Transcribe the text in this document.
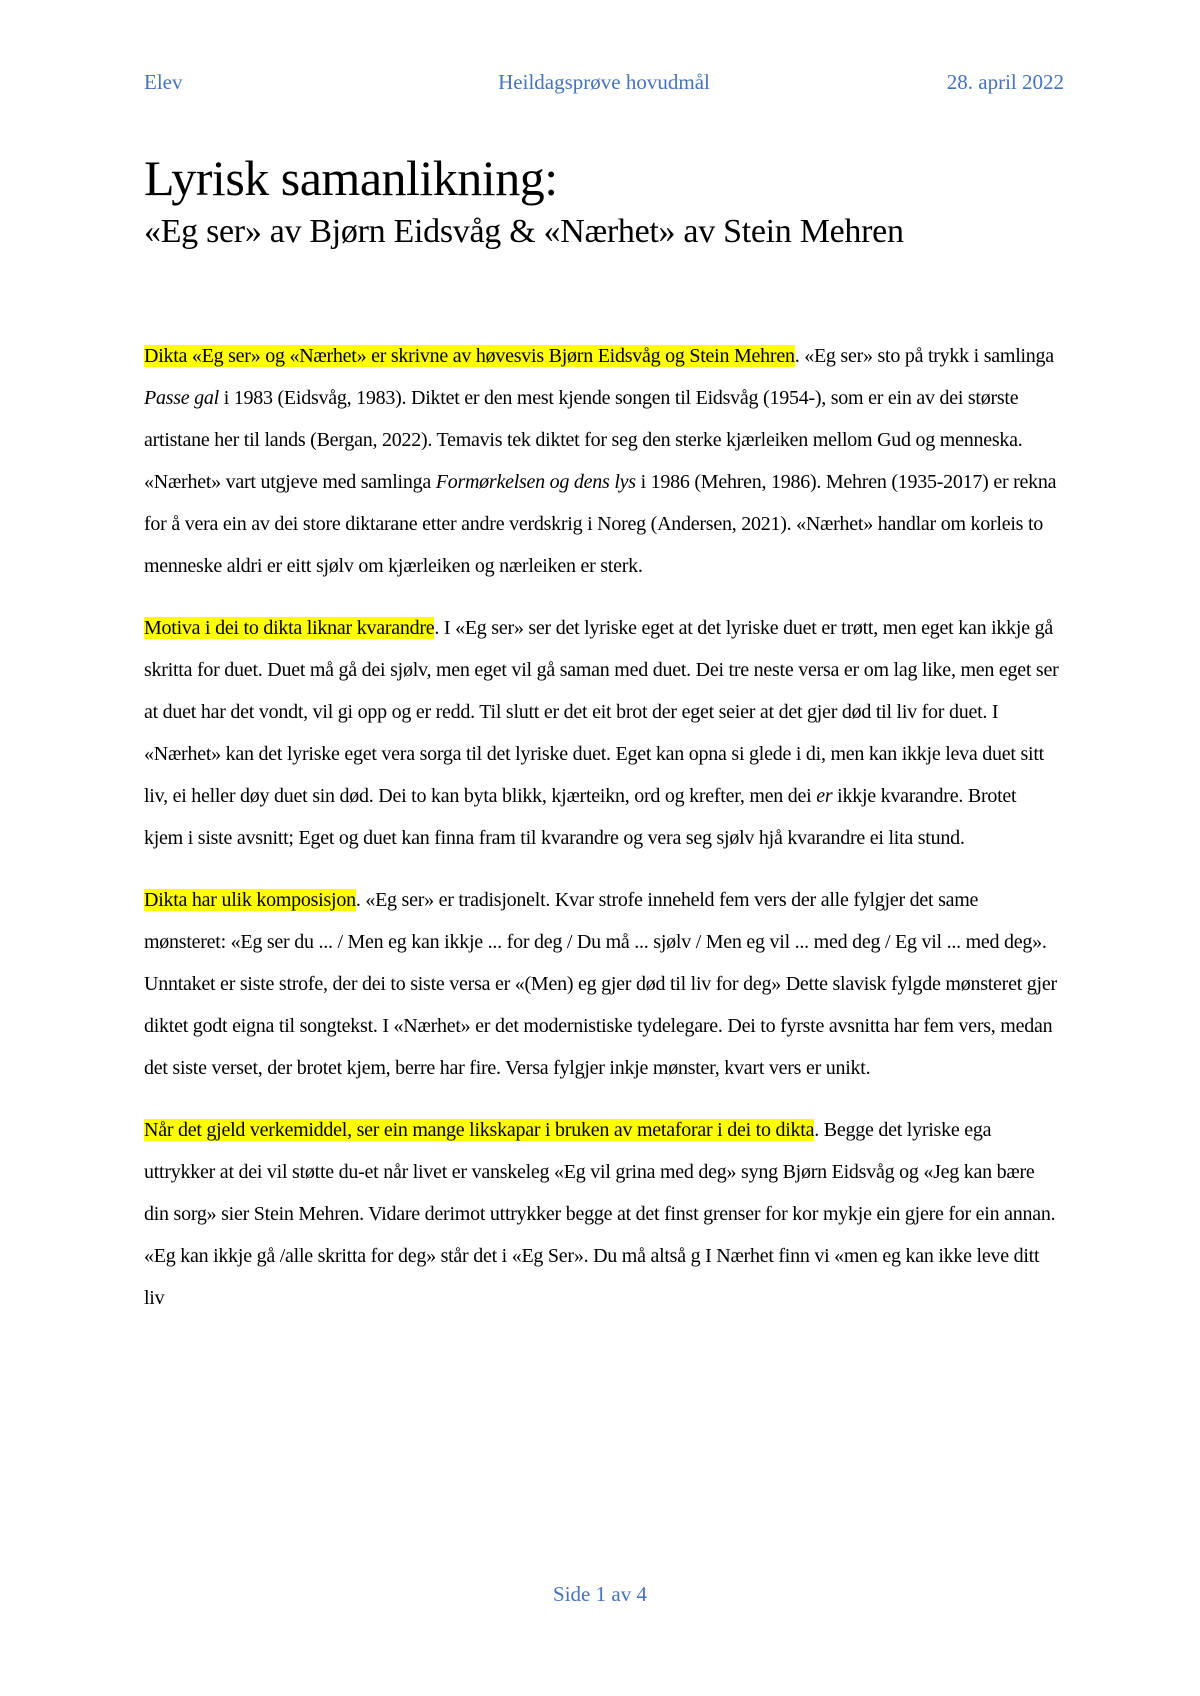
Heildagsprøve hovudmål
Elev	28. april 2022
Lyrisk samanlikning:
«Eg ser» av Bjørn Eidsvåg & «Nærhet» av Stein Mehren

Dikta «Eg ser» og «Nærhet» er skrivne av høvesvis Bjørn Eidsvåg og Stein Mehren. «Eg ser» sto på trykk i samlinga Passe gal i 1983 (Eidsvåg, 1983). Diktet er den mest kjende songen til Eidsvåg (1954-), som er ein av dei største artistane her til lands (Bergan, 2022). Temavis tek diktet for seg den sterke kjærleiken mellom Gud og menneska. «Nærhet» vart utgjeve med samlinga Formørkelsen og dens lys i 1986 (Mehren, 1986). Mehren (1935-2017) er rekna for å vera ein av dei store diktarane etter andre verdskrig i Noreg (Andersen, 2021). «Nærhet» handlar om korleis to menneske aldri er eitt sjølv om kjærleiken og nærleiken er sterk.

Motiva i dei to dikta liknar kvarandre. I «Eg ser» ser det lyriske eget at det lyriske duet er trøtt, men eget kan ikkje gå skritta for duet. Duet må gå dei sjølv, men eget vil gå saman med duet. Dei tre neste versa er om lag like, men eget ser at duet har det vondt, vil gi opp og er redd. Til slutt er det eit brot der eget seier at det gjer død til liv for duet. I «Nærhet» kan det lyriske eget vera sorga til det lyriske duet. Eget kan opna si glede i di, men kan ikkje leva duet sitt liv, ei heller døy duet sin død. Dei to kan byta blikk, kjærteikn, ord og krefter, men dei er ikkje kvarandre. Brotet kjem i siste avsnitt; Eget og duet kan finna fram til kvarandre og vera seg sjølv hjå kvarandre ei lita stund.

Dikta har ulik komposisjon. «Eg ser» er tradisjonelt. Kvar strofe inneheld fem vers der alle fylgjer det same mønsteret: «Eg ser du ... / Men eg kan ikkje ... for deg / Du må ... sjølv / Men eg vil ... med deg / Eg vil ... med deg». Unntaket er siste strofe, der dei to siste versa er «(Men) eg gjer død til liv for deg» Dette slavisk fylgde mønsteret gjer diktet godt eigna til songtekst. I «Nærhet» er det modernistiske tydelegare. Dei to fyrste avsnitta har fem vers, medan det siste verset, der brotet kjem, berre har fire. Versa fylgjer inkje mønster, kvart vers er unikt.

Når det gjeld verkemiddel, ser ein mange likskapar i bruken av metaforar i dei to dikta. Begge det lyriske ega uttrykker at dei vil støtte du-et når livet er vanskeleg «Eg vil grina med deg» syng Bjørn Eidsvåg og «Jeg kan bære din sorg» sier Stein Mehren. Vidare derimot uttrykker begge at det finst grenser for kor mykje ein gjere for ein annan. «Eg kan ikkje gå /alle skritta for deg» står det i «Eg Ser». Du må altså g I Nærhet finn vi «men eg kan ikke leve ditt liv

Side 1 av 4
